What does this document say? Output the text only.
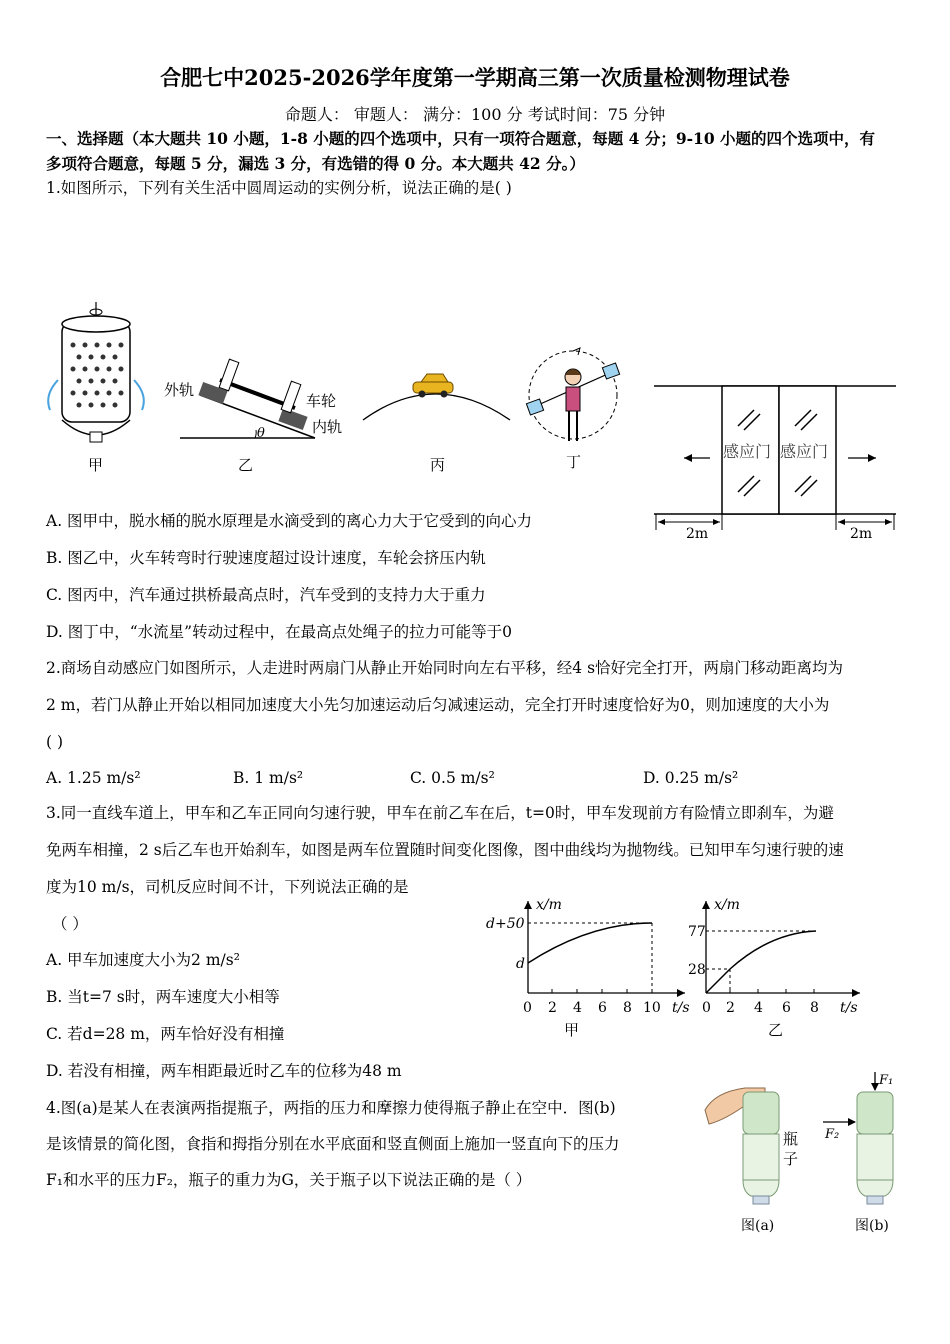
合肥七中2025-2026学年度第一学期高三第一次质量检测物理试卷
命题人： 审题人： 满分：100 分 考试时间：75 分钟
一、选择题（本大题共 10 小题，1-8 小题的四个选项中，只有一项符合题意，每题 4 分；9-10 小题的四个选项中，有
多项符合题意，每题 5 分，漏选 3 分，有选错的得 0 分。本大题共 42 分。）
1.如图所示，下列有关生活中圆周运动的实例分析，说法正确的是( )
甲
θ
外轨
车轮
内轨
乙	丙	丁
感应门 感应门
2m	2m
A. 图甲中，脱水桶的脱水原理是水滴受到的离心力大于它受到的向心力
B. 图乙中，火车转弯时行驶速度超过设计速度，车轮会挤压内轨
C. 图丙中，汽车通过拱桥最高点时，汽车受到的支持力大于重力
D. 图丁中，“水流星”转动过程中，在最高点处绳子的拉力可能等于0
2.商场自动感应门如图所示，人走进时两扇门从静止开始同时向左右平移，经4 s恰好完全打开，两扇门移动距离均为
2 m，若门从静止开始以相同加速度大小先匀加速运动后匀减速运动，完全打开时速度恰好为0，则加速度的大小为
( )
A. 1.25 m/s²	B. 1 m/s²	C. 0.5 m/s²	D. 0.25 m/s²
3.同一直线车道上，甲车和乙车正同向匀速行驶，甲车在前乙车在后，t=0时，甲车发现前方有险情立即刹车，为避
免两车相撞，2 s后乙车也开始刹车，如图是两车位置随时间变化图像，图中曲线均为抛物线。已知甲车匀速行驶的速
度为10 m/s，司机反应时间不计，下列说法正确的是
（ ）
A. 甲车加速度大小为2 m/s²
B. 当t=7 s时，两车速度大小相等
C. 若d=28 m，两车恰好没有相撞
D. 若没有相撞，两车相距最近时乙车的位移为48 m
x/m
t/s
d+50
d
0 2 4 6 8 10
甲
x/m
t/s
77
28
0 2 4 6 8
乙
4.图(a)是某人在表演两指提瓶子，两指的压力和摩擦力使得瓶子静止在空中．图(b)
是该情景的简化图，食指和拇指分别在水平底面和竖直侧面上施加一竖直向下的压力
F₁和水平的压力F₂，瓶子的重力为G，关于瓶子以下说法正确的是（ ）
瓶
子
图(a)
F₁
F₂
图(b)
